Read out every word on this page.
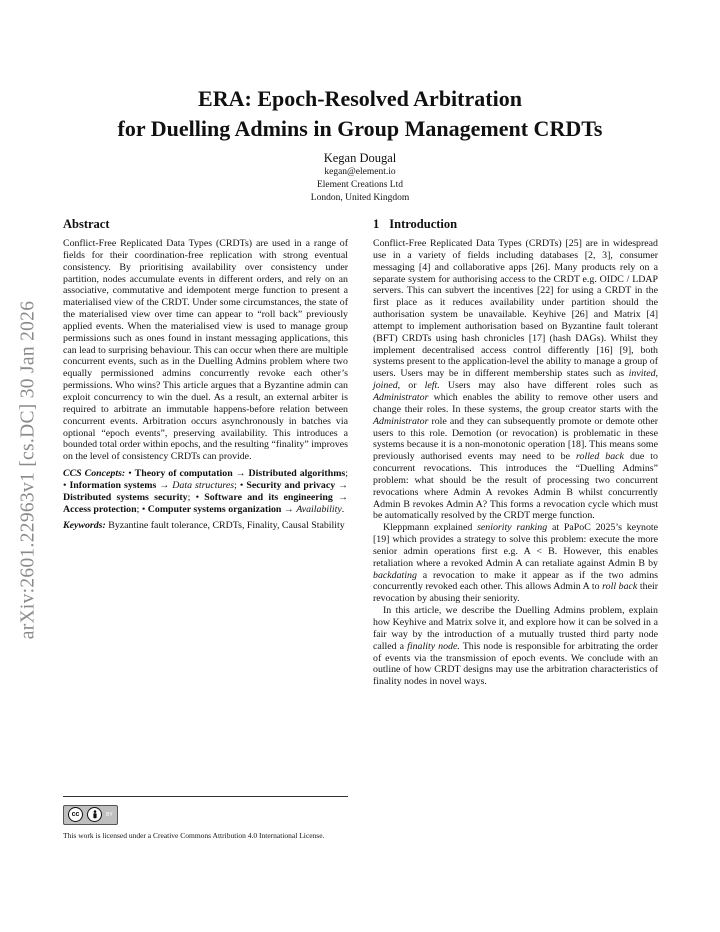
arXiv:2601.22963v1 [cs.DC] 30 Jan 2026
ERA: Epoch-Resolved Arbitration
for Duelling Admins in Group Management CRDTs
Kegan Dougal
kegan@element.io
Element Creations Ltd
London, United Kingdom
Abstract

Conflict-Free Replicated Data Types (CRDTs) are used in a range of fields for their coordination-free replication with strong eventual consistency. By prioritising availability over consistency under partition, nodes accumulate events in different orders, and rely on an associative, commutative and idempotent merge function to present a materialised view of the CRDT. Under some circumstances, the state of the materialised view over time can appear to “roll back” previously applied events. When the materialised view is used to manage group permissions such as ones found in instant messaging applications, this can lead to surprising behaviour. This can occur when there are multiple concurrent events, such as in the Duelling Admins problem where two equally permissioned admins concurrently revoke each other’s permissions. Who wins? This article argues that a Byzantine admin can exploit concurrency to win the duel. As a result, an external arbiter is required to arbitrate an immutable happens-before relation between concurrent events. Arbitration occurs asynchronously in batches via optional “epoch events”, preserving availability. This introduces a bounded total order within epochs, and the resulting “finality” improves on the level of consistency CRDTs can provide.

CCS Concepts: • Theory of computation → Distributed algorithms; • Information systems → Data structures; • Security and privacy → Distributed systems security; • Software and its engineering → Access protection; • Computer systems organization → Availability.
Keywords: Byzantine fault tolerance, CRDTs, Finality, Causal Stability
cc	BY

This work is licensed under a Creative Commons Attribution 4.0 International License.

1 Introduction

Conflict-Free Replicated Data Types (CRDTs) [25] are in widespread use in a variety of fields including databases [2, 3], consumer messaging [4] and collaborative apps [26]. Many products rely on a separate system for authorising access to the CRDT e.g. OIDC / LDAP servers. This can subvert the incentives [22] for using a CRDT in the first place as it reduces availability under partition should the authorisation system be unavailable. Keyhive [26] and Matrix [4] attempt to implement authorisation based on Byzantine fault tolerant (BFT) CRDTs using hash chronicles [17] (hash DAGs). Whilst they implement decentralised access control differently [16] [9], both systems present to the application-level the ability to manage a group of users. Users may be in different membership states such as invited, joined, or left. Users may also have different roles such as Administrator which enables the ability to remove other users and change their roles. In these systems, the group creator starts with the Administrator role and they can subsequently promote or demote other users to this role. Demotion (or revocation) is problematic in these systems because it is a non-monotonic operation [18]. This means some previously authorised events may need to be rolled back due to concurrent revocations. This introduces the “Duelling Admins” problem: what should be the result of processing two concurrent revocations where Admin A revokes Admin B whilst concurrently Admin B revokes Admin A? This forms a revocation cycle which must be automatically resolved by the CRDT merge function.

Kleppmann explained seniority ranking at PaPoC 2025’s keynote [19] which provides a strategy to solve this problem: execute the more senior admin operations first e.g. A < B. However, this enables retaliation where a revoked Admin A can retaliate against Admin B by backdating a revocation to make it appear as if the two admins concurrently revoked each other. This allows Admin A to roll back their revocation by abusing their seniority.

In this article, we describe the Duelling Admins problem, explain how Keyhive and Matrix solve it, and explore how it can be solved in a fair way by the introduction of a mutually trusted third party node called a finality node. This node is responsible for arbitrating the order of events via the transmission of epoch events. We conclude with an outline of how CRDT designs may use the arbitration characteristics of finality nodes in novel ways.
